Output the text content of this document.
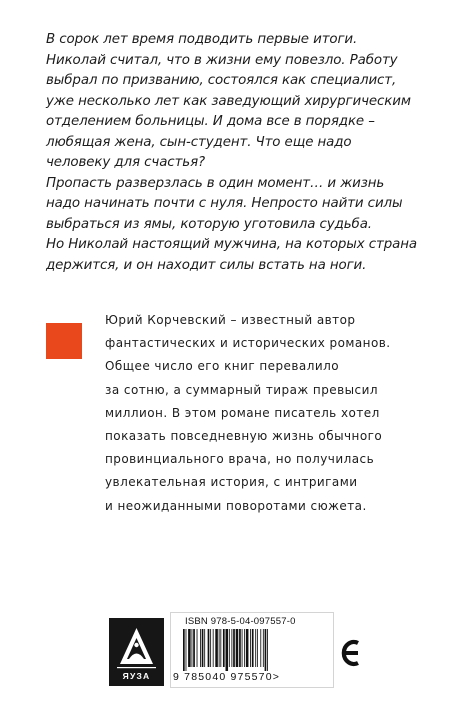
В сорок лет время подводить первые итоги.
Николай считал, что в жизни ему повезло. Работу
выбрал по призванию, состоялся как специалист,
уже несколько лет как заведующий хирургическим
отделением больницы. И дома все в порядке –
любящая жена, сын-студент. Что еще надо
человеку для счастья?
Пропасть разверзлась в один момент… и жизнь
надо начинать почти с нуля. Непросто найти силы
выбраться из ямы, которую уготовила судьба.
Но Николай настоящий мужчина, на которых страна
держится, и он находит силы встать на ноги.
Юрий Корчевский – известный автор
фантастических и исторических романов.
Общее число его книг перевалило
за сотню, а суммарный тираж превысил
миллион. В этом романе писатель хотел
показать повседневную жизнь обычного
провинциального врача, но получилась
увлекательная история, с интригами
и неожиданными поворотами сюжета.
ЯУЗА
ISBN 978-5-04-097557-0
9 785040 975570>
